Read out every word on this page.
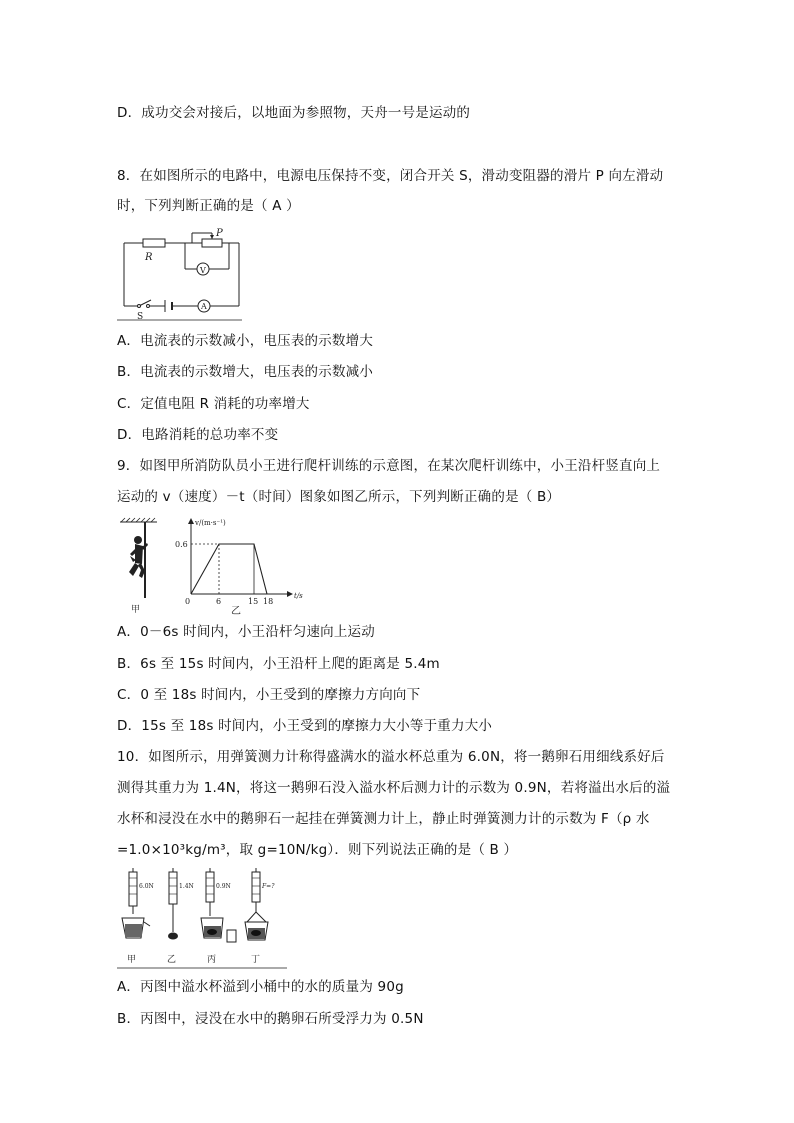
D．成功交会对接后，以地面为参照物，天舟一号是运动的
8．在如图所示的电路中，电源电压保持不变，闭合开关 S，滑动变阻器的滑片 P 向左滑动
时，下列判断正确的是（ A ）
R
P
V
A
S
A．电流表的示数减小，电压表的示数增大
B．电流表的示数增大，电压表的示数减小
C．定值电阻 R 消耗的功率增大
D．电路消耗的总功率不变
9．如图甲所消防队员小王进行爬杆训练的示意图，在某次爬杆训练中，小王沿杆竖直向上
运动的 v（速度）－t（时间）图象如图乙所示，下列判断正确的是（ B）
v/(m·s⁻¹)
t/s
0.6
0	6	15 18
甲	乙
A．0－6s 时间内，小王沿杆匀速向上运动
B．6s 至 15s 时间内，小王沿杆上爬的距离是 5.4m
C．0 至 18s 时间内，小王受到的摩擦力方向向下
D．15s 至 18s 时间内，小王受到的摩擦力大小等于重力大小
10．如图所示，用弹簧测力计称得盛满水的溢水杯总重为 6.0N，将一鹅卵石用细线系好后
测得其重力为 1.4N，将这一鹅卵石没入溢水杯后测力计的示数为 0.9N，若将溢出水后的溢
水杯和浸没在水中的鹅卵石一起挂在弹簧测力计上，静止时弹簧测力计的示数为 F（ρ 水
=1.0×10³kg/m³，取 g=10N/kg）．则下列说法正确的是（ B ）
6.0N	1.4N	0.9N	F=?
甲	乙	丙	丁
A．丙图中溢水杯溢到小桶中的水的质量为 90g
B．丙图中，浸没在水中的鹅卵石所受浮力为 0.5N
